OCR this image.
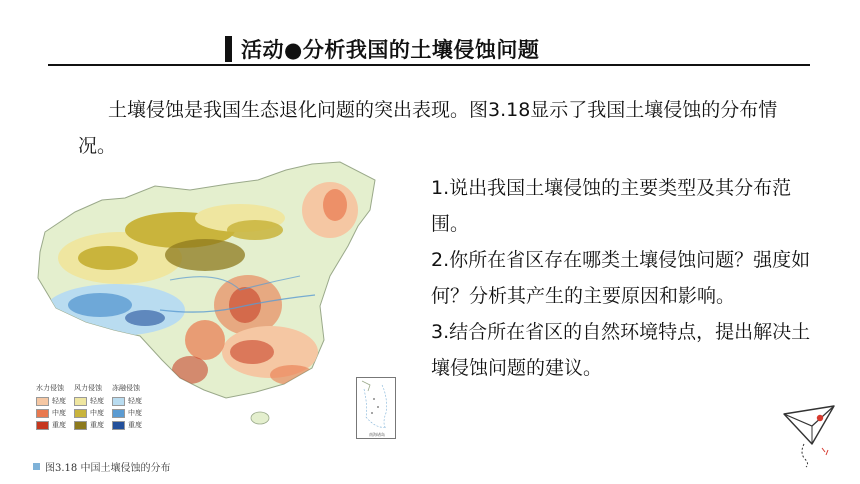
活动●分析我国的土壤侵蚀问题
土壤侵蚀是我国生态退化问题的突出表现。图3.18显示了我国土壤侵蚀的分布情况。

1.说出我国土壤侵蚀的主要类型及其分布范围。

2.你所在省区存在哪类土壤侵蚀问题？强度如何？分析其产生的主要原因和影响。

3.结合所在省区的自然环境特点，提出解决土壤侵蚀问题的建议。

南海诸岛
水力侵蚀
轻度
中度
重度
风力侵蚀
轻度
中度
重度
冻融侵蚀
轻度
中度
重度
图3.18 中国土壤侵蚀的分布
